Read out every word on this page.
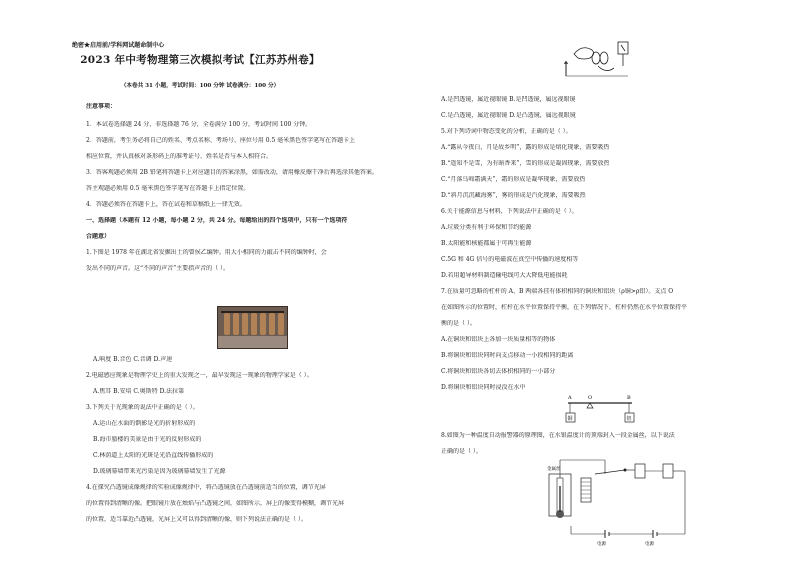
绝密★启用前/学科网试题命制中心
2023 年中考物理第三次模拟考试【江苏苏州卷】
（本卷共 31 小题，考试时间：100 分钟 试卷满分：100 分）
注意事项：
1．本试卷选择题 24 分，非选择题 76 分，全卷满分 100 分，考试时间 100 分钟。
2．答题前，考生务必将自己的姓名、考点名称、考场号、座位号用 0.5 毫米黑色签字笔写在答题卡上
相应位置，并认真核对条形码上的准考证号、姓名是否与本人相符合。
3．答客观题必须用 2B 铅笔将答题卡上对应题目的答案涂黑，如需改动，请用橡皮擦干净后再选涂其他答案。
答主观题必须用 0.5 毫米黑色签字笔写在答题卡上指定位置。
4．答题必须答在答题卡上，答在试卷和草稿纸上一律无效。
一、选择题（本题有 12 小题，每小题 2 分，共 24 分。每题给出的四个选项中，只有一个选项符
合题意）
1.下图是 1978 年在湖北省发掘出土的曾侯乙编钟。用大小相同的力敲击不同的编钟时，会
发出不同的声音。这“不同的声音”主要指声音的（ ）。
A.响度 B.音色 C.音调 D.声速
2.电磁感应现象是物理学史上的重大发现之一，最早发现这一现象的物理学家是（ ）。
A.焦耳 B.安培 C.奥斯特 D.法拉第
3.下列关于光现象的说法中正确的是（ ）。
A.运山在水面的倒影是光的折射形成的
B.海市蜃楼的美景是由于光的反射形成的
C.林荫道上太阳的光斑是光沿直线传播形成的
D.玻璃幕墙带来光污染是因为玻璃幕墙发生了光源
4.在探究凸透镜成像规律的实验成像规律中，将凸透镜放在凸透镜前适当的位置，调节光屏
的位置得到清晰的像。把眼镜片放在烛焰与凸透镜之间，如图所示，屏上的像变得模糊，调节光屏
的位置，适当靠近凸透镜，光屏上又可以得到清晰的像，则下列说法正确的是（ ）。
A.是凹透镜，属近视眼镜 B.是凹透镜，属远视眼镜
C.是凸透镜，属近视眼镜 D.是凸透镜，属远视眼镜
5.对下列诗词中物态变化的分析，正确的是（ ）。
A.“露从今夜白，月是故乡明”，露的形成是熔化现象，需要吸热
B.“遥知不是雪，为有暗香来”，雪的形成是凝固现象，需要放热
C.“月落乌啼霜满天”，霜的形成是凝华现象，需要放热
D.“斜月沉沉藏海雾”，雾的形成是汽化现象，需要吸热
6.关于能源信息与材料，下列说法中正确的是（ ）。
A.垃圾分类有利于环保和节约能源
B.太阳能和核能都属于可再生能源
C.5G 和 4G 信号的电磁波在真空中传播的速度相等
D.若用超导材料制造输电线可大大降低电能损耗
7.在质量可忽略的杠杆的 A、B 两端各挂有体积相同的铜块和铝块（ρ铜>ρ铝）。支点 O
在如图所示的位置时，杠杆在水平位置保持平衡，在下列情况下，杠杆仍然在水平位置保持平
衡的是（ ）。
A.在铜块和铝块上各加一块质量相等的物体
B.将铜块和铝块同时向支点移动一小段相同的距离
C.将铜块和铝块各切去体积相同的一小部分
D.将铜块和铝块同时浸没在水中
A	O	B
铜	铝
8.如图为一种温度自动报警器的原理图，在水银温度计的顶端封入一段金属丝，以下说法
正确的是（ ）。
金属丝
电源	电源
